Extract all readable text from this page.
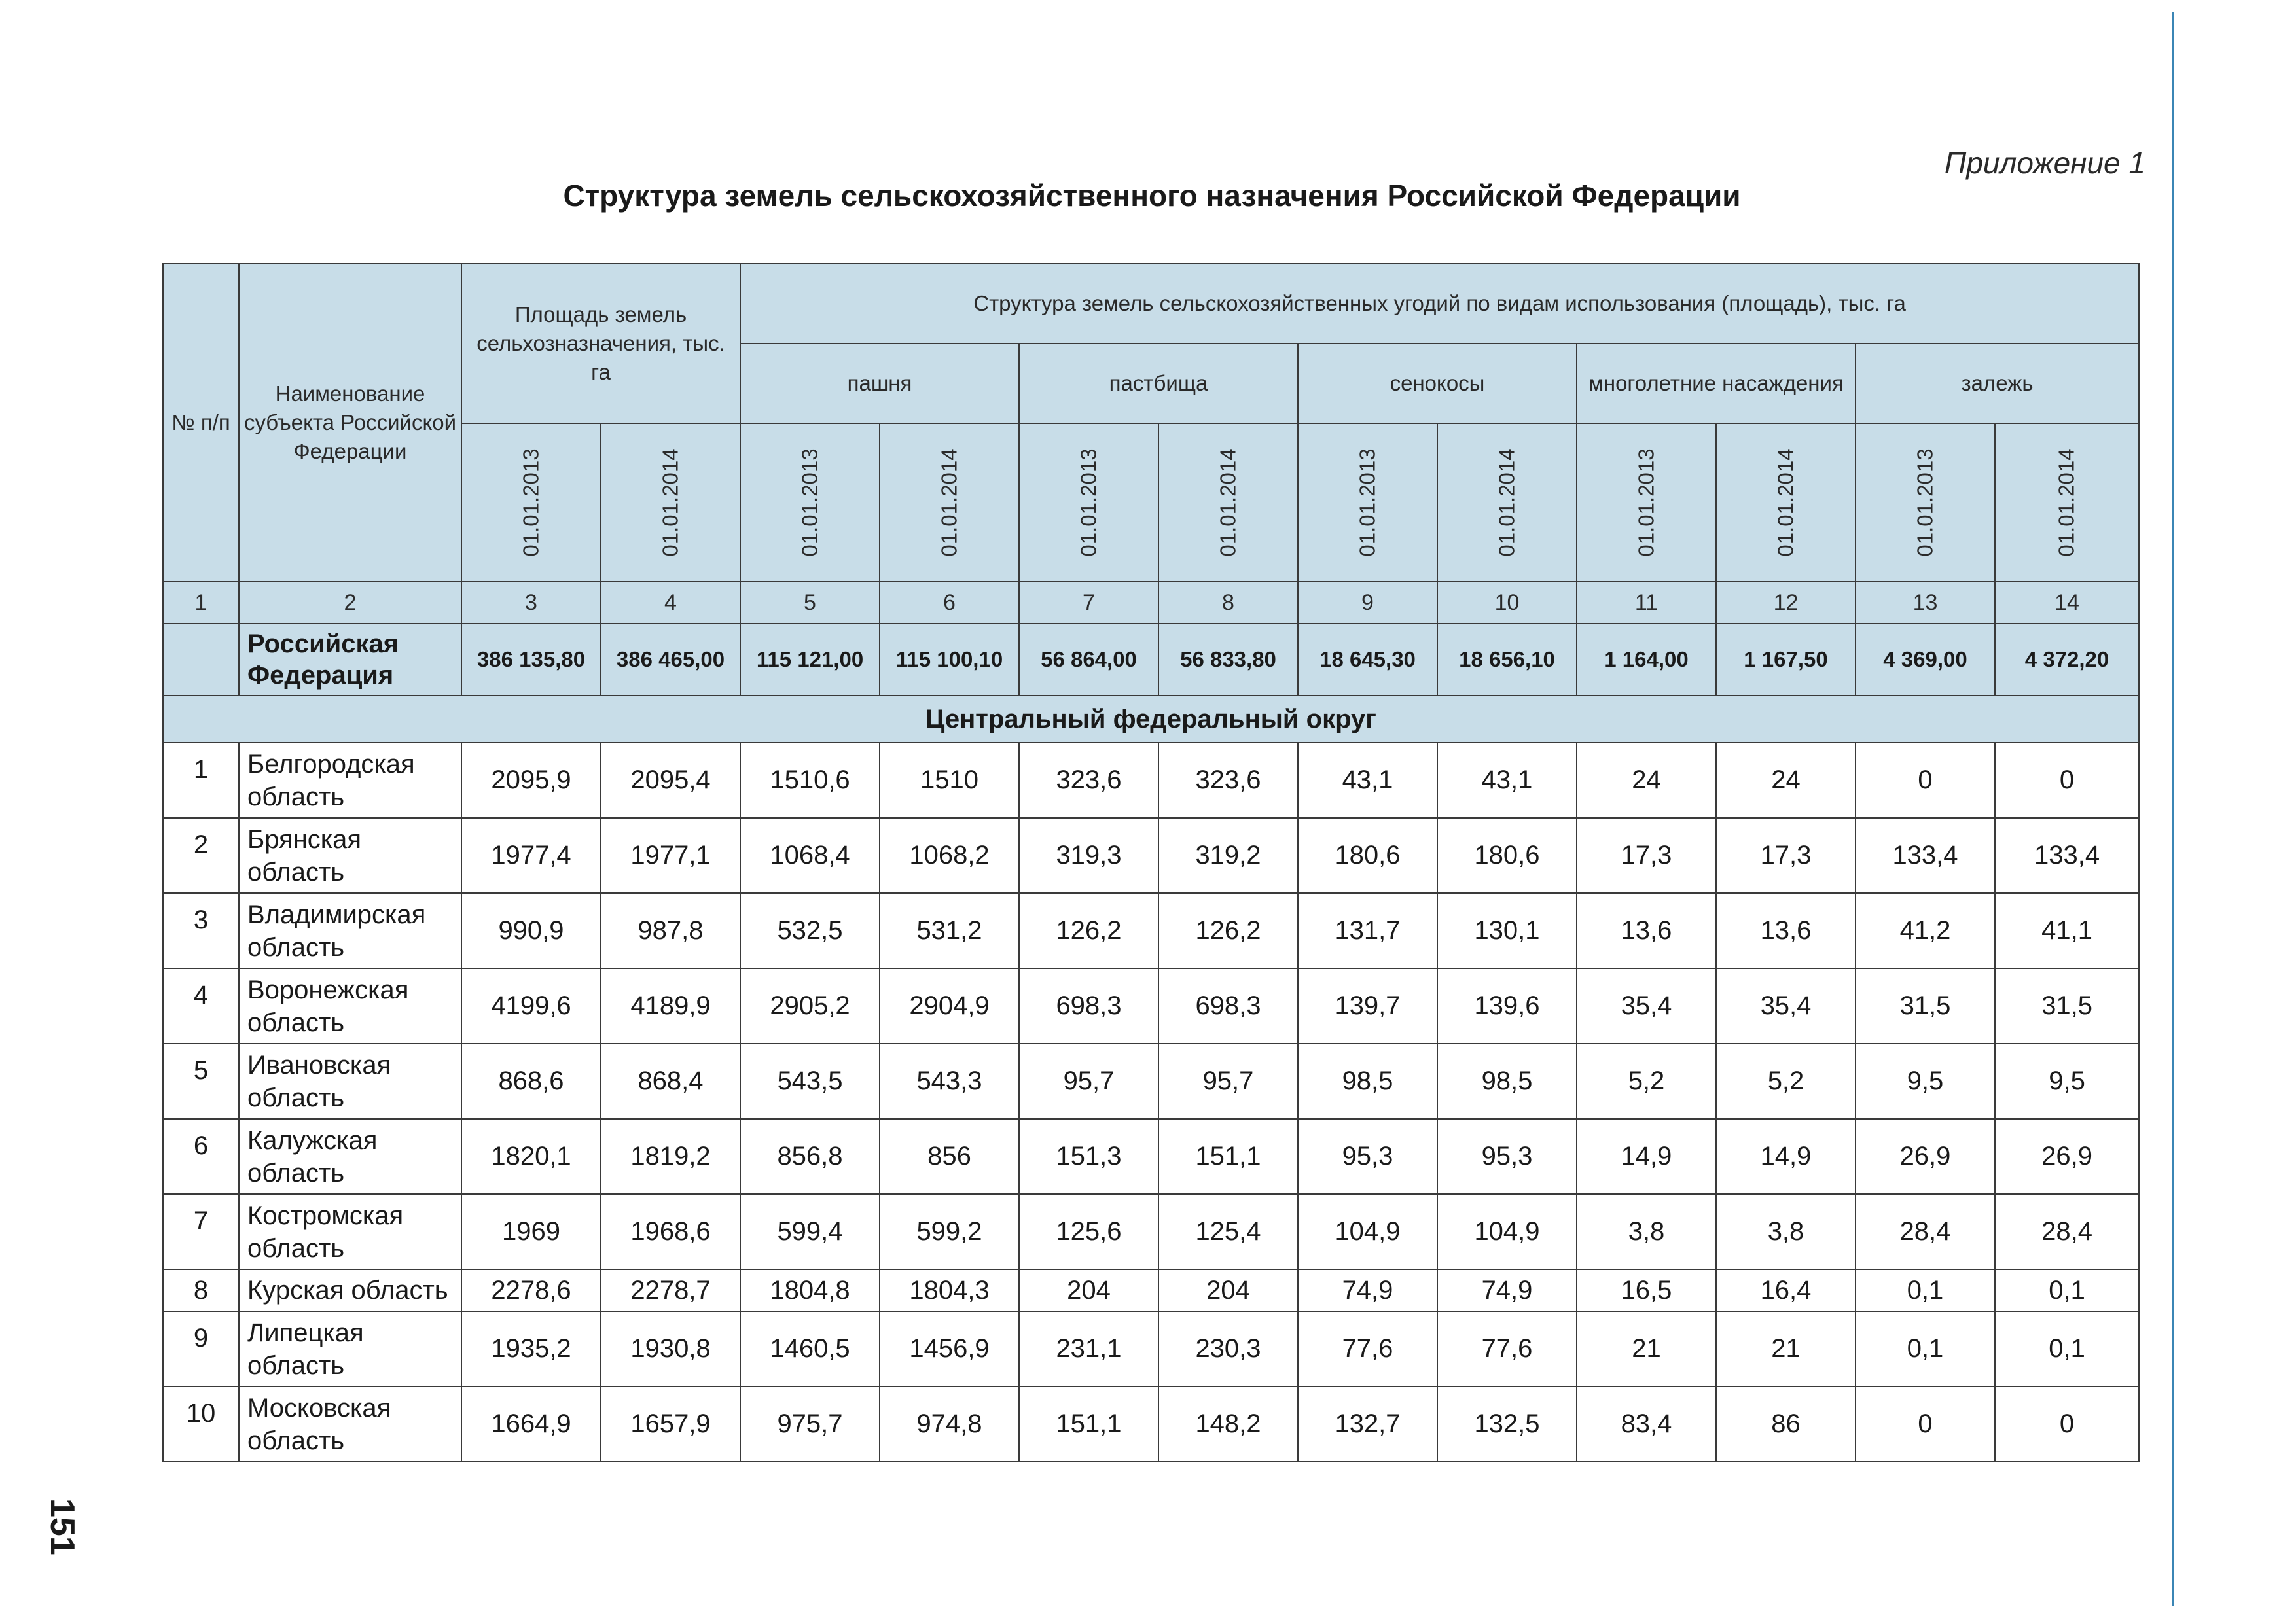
Приложение 1
Структура земель сельскохозяйственного назначения Российской Федерации
151
№ п/п	Наименование субъекта Российской Федерации	Площадь земель сельхозназначения, тыс. га		Структура земель сельскохозяйственных угодий по видам использования (площадь), тыс. га									
				пашня		пастбища		сенокосы		многолетние насаждения		залежь	
		01.01.2013	01.01.2014	01.01.2013	01.01.2014	01.01.2013	01.01.2014	01.01.2013	01.01.2014	01.01.2013	01.01.2014	01.01.2013	01.01.2014
1	2	3	4	5	6	7	8	9	10	11	12	13	14
	Российская Федерация	386 135,80	386 465,00	115 121,00	115 100,10	56 864,00	56 833,80	18 645,30	18 656,10	1 164,00	1 167,50	4 369,00	4 372,20
Центральный федеральный округ													
1	Белгородская область	2095,9	2095,4	1510,6	1510	323,6	323,6	43,1	43,1	24	24	0	0
2	Брянская область	1977,4	1977,1	1068,4	1068,2	319,3	319,2	180,6	180,6	17,3	17,3	133,4	133,4
3	Владимирская область	990,9	987,8	532,5	531,2	126,2	126,2	131,7	130,1	13,6	13,6	41,2	41,1
4	Воронежская область	4199,6	4189,9	2905,2	2904,9	698,3	698,3	139,7	139,6	35,4	35,4	31,5	31,5
5	Ивановская область	868,6	868,4	543,5	543,3	95,7	95,7	98,5	98,5	5,2	5,2	9,5	9,5
6	Калужская область	1820,1	1819,2	856,8	856	151,3	151,1	95,3	95,3	14,9	14,9	26,9	26,9
7	Костромская область	1969	1968,6	599,4	599,2	125,6	125,4	104,9	104,9	3,8	3,8	28,4	28,4
8	Курская область	2278,6	2278,7	1804,8	1804,3	204	204	74,9	74,9	16,5	16,4	0,1	0,1
9	Липецкая область	1935,2	1930,8	1460,5	1456,9	231,1	230,3	77,6	77,6	21	21	0,1	0,1
10	Московская область	1664,9	1657,9	975,7	974,8	151,1	148,2	132,7	132,5	83,4	86	0	0
